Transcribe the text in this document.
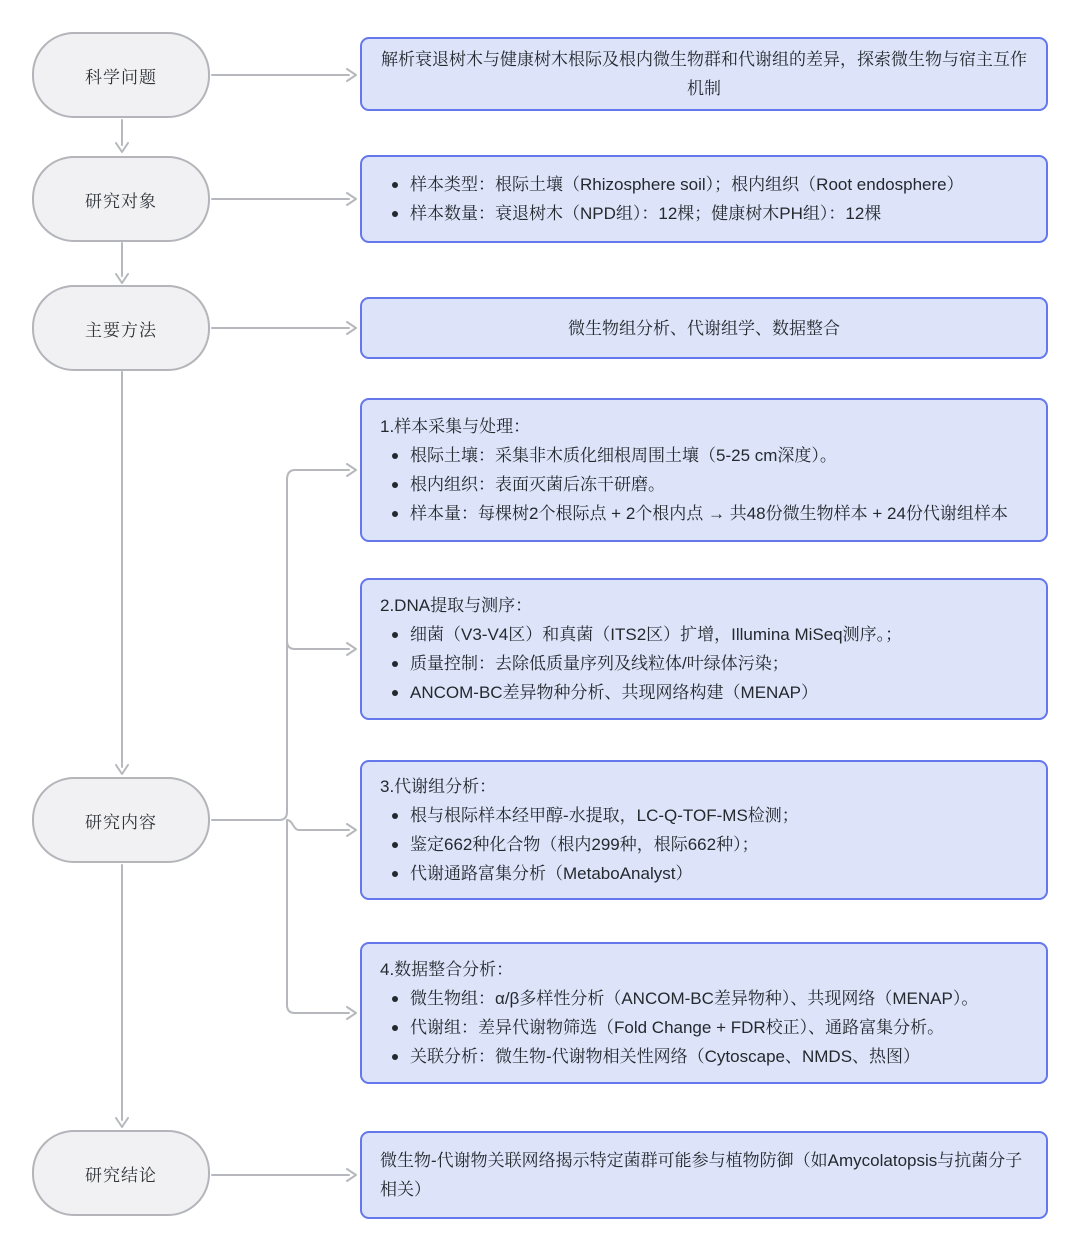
科学问题
研究对象
主要方法
研究内容
研究结论
解析衰退树木与健康树木根际及根内微生物群和代谢组的差异，探索微生物与宿主互作机制
样本类型：根际土壤（Rhizosphere soil）；根内组织（Root endosphere）
样本数量：衰退树木（NPD组）：12棵；健康树木PH组）：12棵
微生物组分析、代谢组学、数据整合
1.样本采集与处理：
根际土壤：采集非木质化细根周围土壤（5-25 cm深度）。
根内组织：表面灭菌后冻干研磨。
样本量：每棵树2个根际点 + 2个根内点 → 共48份微生物样本 + 24份代谢组样本
2.DNA提取与测序：
细菌（V3-V4区）和真菌（ITS2区）扩增，Illumina MiSeq测序。；
质量控制：去除低质量序列及线粒体/叶绿体污染；
ANCOM-BC差异物种分析、共现网络构建（MENAP）
3.代谢组分析：
根与根际样本经甲醇-水提取，LC-Q-TOF-MS检测；
鉴定662种化合物（根内299种，根际662种）；
代谢通路富集分析（MetaboAnalyst）
4.数据整合分析：
微生物组：α/β多样性分析（ANCOM-BC差异物种）、共现网络（MENAP）。
代谢组：差异代谢物筛选（Fold Change + FDR校正）、通路富集分析。
关联分析：微生物-代谢物相关性网络（Cytoscape、NMDS、热图）
微生物-代谢物关联网络揭示特定菌群可能参与植物防御（如Amycolatopsis与抗菌分子相关）
